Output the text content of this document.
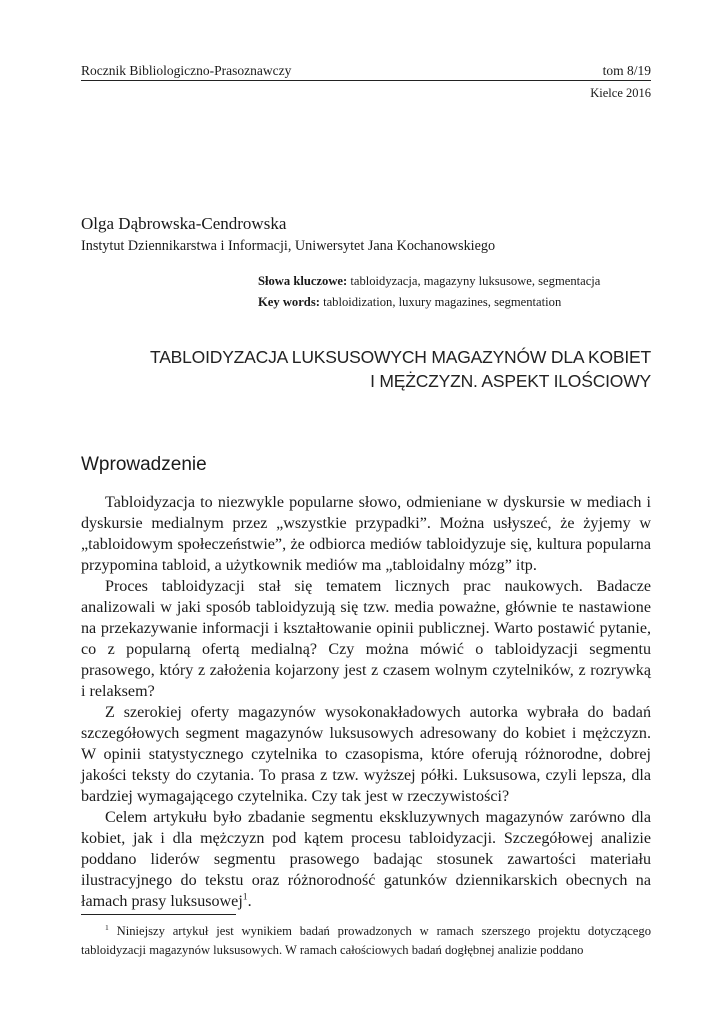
Rocznik Bibliologiczno-Prasoznawczy	tom 8/19
Kielce 2016
Olga Dąbrowska-Cendrowska
Instytut Dziennikarstwa i Informacji, Uniwersytet Jana Kochanowskiego
Słowa kluczowe: tabloidyzacja, magazyny luksusowe, segmentacja
Key words: tabloidization, luxury magazines, segmentation
TABLOIDYZACJA LUKSUSOWYCH MAGAZYNÓW DLA KOBIET
I MĘŻCZYZN. ASPEKT ILOŚCIOWY
Wprowadzenie

Tabloidyzacja to niezwykle popularne słowo, odmieniane w dyskursie w mediach i dyskursie medialnym przez „wszystkie przypadki”. Można usłyszeć, że żyjemy w „tabloidowym społeczeństwie”, że odbiorca mediów tabloidyzuje się, kultura popularna przypomina tabloid, a użytkownik mediów ma „tabloidalny mózg” itp.

Proces tabloidyzacji stał się tematem licznych prac naukowych. Badacze analizowali w jaki sposób tabloidyzują się tzw. media poważne, głównie te nastawione na przekazywanie informacji i kształtowanie opinii publicznej. Warto postawić pytanie, co z popularną ofertą medialną? Czy można mówić o tabloidyzacji segmentu prasowego, który z założenia kojarzony jest z czasem wolnym czytelników, z rozrywką i relaksem?

Z szerokiej oferty magazynów wysokonakładowych autorka wybrała do badań szczegółowych segment magazynów luksusowych adresowany do kobiet i mężczyzn. W opinii statystycznego czytelnika to czasopisma, które oferują różnorodne, dobrej jakości teksty do czytania. To prasa z tzw. wyższej półki. Luksusowa, czyli lepsza, dla bardziej wymagającego czytelnika. Czy tak jest w rzeczywistości?

Celem artykułu było zbadanie segmentu ekskluzywnych magazynów zarówno dla kobiet, jak i dla mężczyzn pod kątem procesu tabloidyzacji. Szczegółowej analizie poddano liderów segmentu prasowego badając stosunek zawartości materiału ilustracyjnego do tekstu oraz różnorodność gatunków dziennikarskich obecnych na łamach prasy luksusowej$^1$.

$^1$ Niniejszy artykuł jest wynikiem badań prowadzonych w ramach szerszego projektu dotyczącego tabloidyzacji magazynów luksusowych. W ramach całościowych badań dogłębnej analizie poddano
